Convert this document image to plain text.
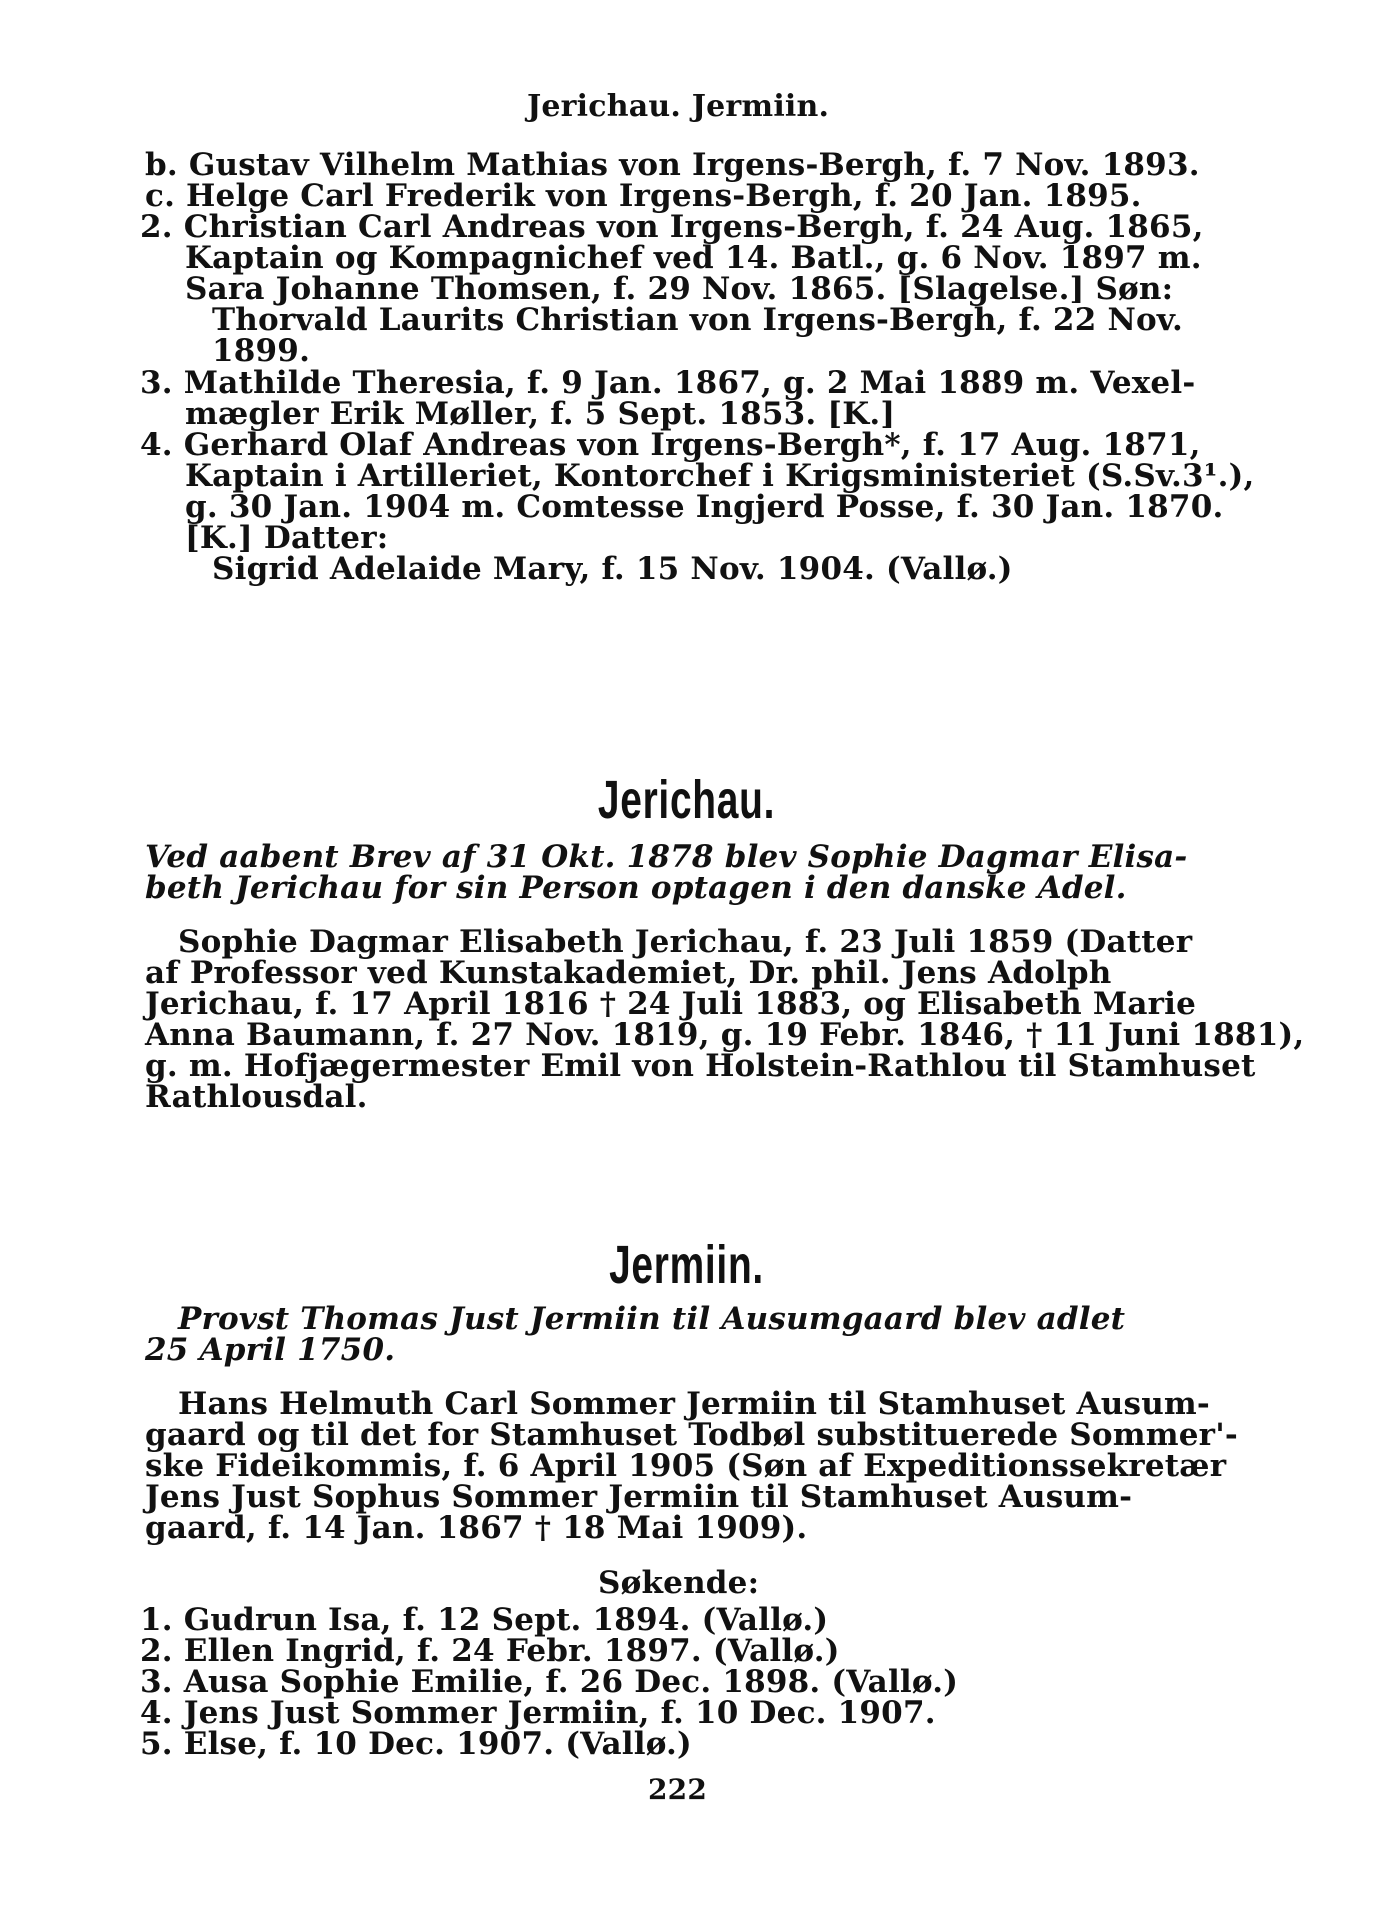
Jerichau. Jermiin.
b. Gustav Vilhelm Mathias von Irgens-Bergh, f. 7 Nov. 1893.
c. Helge Carl Frederik von Irgens-Bergh, f. 20 Jan. 1895.
2. Christian Carl Andreas von Irgens-Bergh, f. 24 Aug. 1865,
Kaptain og Kompagnichef ved 14. Batl., g. 6 Nov. 1897 m.
Sara Johanne Thomsen, f. 29 Nov. 1865. [Slagelse.] Søn:
Thorvald Laurits Christian von Irgens-Bergh, f. 22 Nov.
1899.
3. Mathilde Theresia, f. 9 Jan. 1867, g. 2 Mai 1889 m. Vexel-
mægler Erik Møller, f. 5 Sept. 1853. [K.]
4. Gerhard Olaf Andreas von Irgens-Bergh*, f. 17 Aug. 1871,
Kaptain i Artilleriet, Kontorchef i Krigsministeriet (S.Sv.3¹.),
g. 30 Jan. 1904 m. Comtesse Ingjerd Posse, f. 30 Jan. 1870.
[K.] Datter:
Sigrid Adelaide Mary, f. 15 Nov. 1904. (Vallø.)
Jerichau.
Ved aabent Brev af 31 Okt. 1878 blev Sophie Dagmar Elisa-
beth Jerichau for sin Person optagen i den danske Adel.
Sophie Dagmar Elisabeth Jerichau, f. 23 Juli 1859 (Datter
af Professor ved Kunstakademiet, Dr. phil. Jens Adolph
Jerichau, f. 17 April 1816 † 24 Juli 1883, og Elisabeth Marie
Anna Baumann, f. 27 Nov. 1819, g. 19 Febr. 1846, † 11 Juni 1881),
g. m. Hofjægermester Emil von Holstein-Rathlou til Stamhuset
Rathlousdal.
Jermiin.
Provst Thomas Just Jermiin til Ausumgaard blev adlet
25 April 1750.
Hans Helmuth Carl Sommer Jermiin til Stamhuset Ausum-
gaard og til det for Stamhuset Todbøl substituerede Sommer'-
ske Fideikommis, f. 6 April 1905 (Søn af Expeditionssekretær
Jens Just Sophus Sommer Jermiin til Stamhuset Ausum-
gaard, f. 14 Jan. 1867 † 18 Mai 1909).
Søkende:
1. Gudrun Isa, f. 12 Sept. 1894. (Vallø.)
2. Ellen Ingrid, f. 24 Febr. 1897. (Vallø.)
3. Ausa Sophie Emilie, f. 26 Dec. 1898. (Vallø.)
4. Jens Just Sommer Jermiin, f. 10 Dec. 1907.
5. Else, f. 10 Dec. 1907. (Vallø.)
222
